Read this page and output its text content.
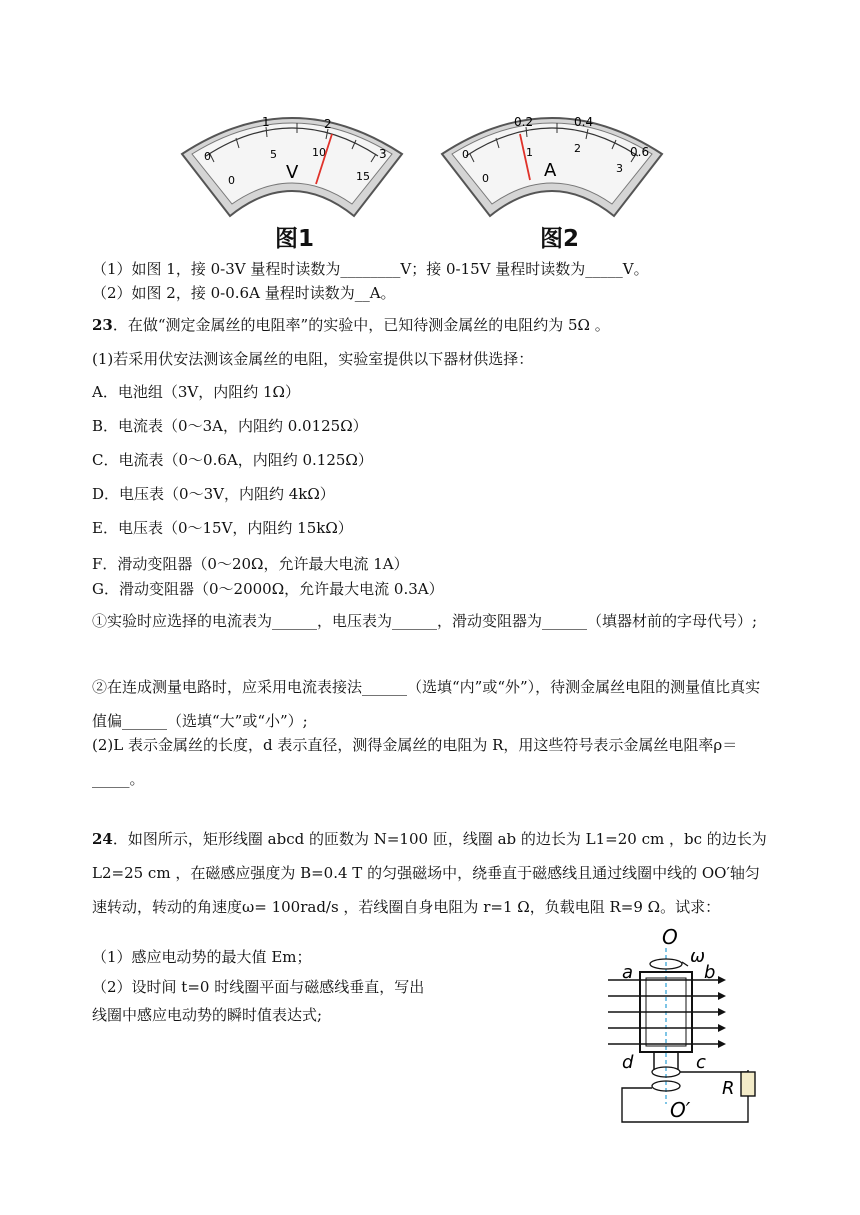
0
1	2
3
0
5	10
15
V
图1
0
0.2	0.4
0.6
0
1	2
3
A
图2
（1）如图 1，接 0-3V 量程时读数为________V；接 0-15V 量程时读数为_____V。
（2）如图 2，接 0-0.6A 量程时读数为__A。
23．在做“测定金属丝的电阻率”的实验中，已知待测金属丝的电阻约为 5Ω 。
(1)若采用伏安法测该金属丝的电阻，实验室提供以下器材供选择：
A．电池组（3V，内阻约 1Ω）
B．电流表（0～3A，内阻约 0.0125Ω）
C．电流表（0～0.6A，内阻约 0.125Ω）
D．电压表（0～3V，内阻约 4kΩ）
E．电压表（0～15V，内阻约 15kΩ）
F．滑动变阻器（0～20Ω，允许最大电流 1A）
G．滑动变阻器（0～2000Ω，允许最大电流 0.3A）
①实验时应选择的电流表为______，电压表为______，滑动变阻器为______（填器材前的字母代号）;
②在连成测量电路时，应采用电流表接法______（选填“内”或“外”），待测金属丝电阻的测量值比真实值偏______（选填“大”或“小”）;
(2)L 表示金属丝的长度，d 表示直径，测得金属丝的电阻为 R，用这些符号表示金属丝电阻率ρ＝_____。
24．如图所示，矩形线圈 abcd 的匝数为 N=100 匝，线圈 ab 的边长为 L1=20 cm ，bc 的边长为 L2=25 cm ，在磁感应强度为 B=0.4 T 的匀强磁场中，绕垂直于磁感线且通过线圈中线的 OO′轴匀速转动，转动的角速度ω= 100rad/s ，若线圈自身电阻为 r=1 Ω，负载电阻 R=9 Ω。试求：
（1）感应电动势的最大值 Em；
（2）设时间 t=0 时线圈平面与磁感线垂直，写出
线圈中感应电动势的瞬时值表达式;
O
ω
a	b
d	c
O′
R
